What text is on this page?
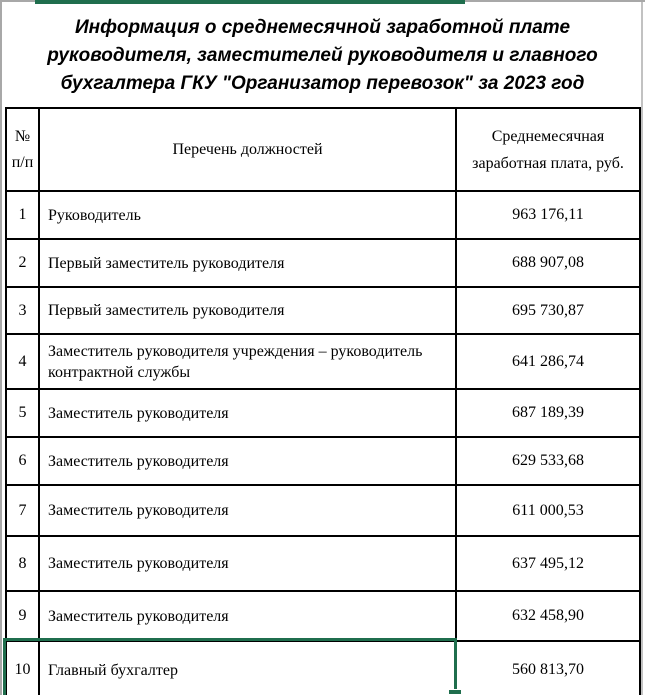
Информация о среднемесячной заработной плате
руководителя, заместителей руководителя и главного
бухгалтера ГКУ "Организатор перевозок" за 2023 год
№ п/п	Перечень должностей	Среднемесячная заработная плата, руб.
1	Руководитель	963 176,11
2	Первый заместитель руководителя	688 907,08
3	Первый заместитель руководителя	695 730,87
4	Заместитель руководителя учреждения – руководитель контрактной службы	641 286,74
5	Заместитель руководителя	687 189,39
6	Заместитель руководителя	629 533,68
7	Заместитель руководителя	611 000,53
8	Заместитель руководителя	637 495,12
9	Заместитель руководителя	632 458,90
10	Главный бухгалтер	560 813,70
